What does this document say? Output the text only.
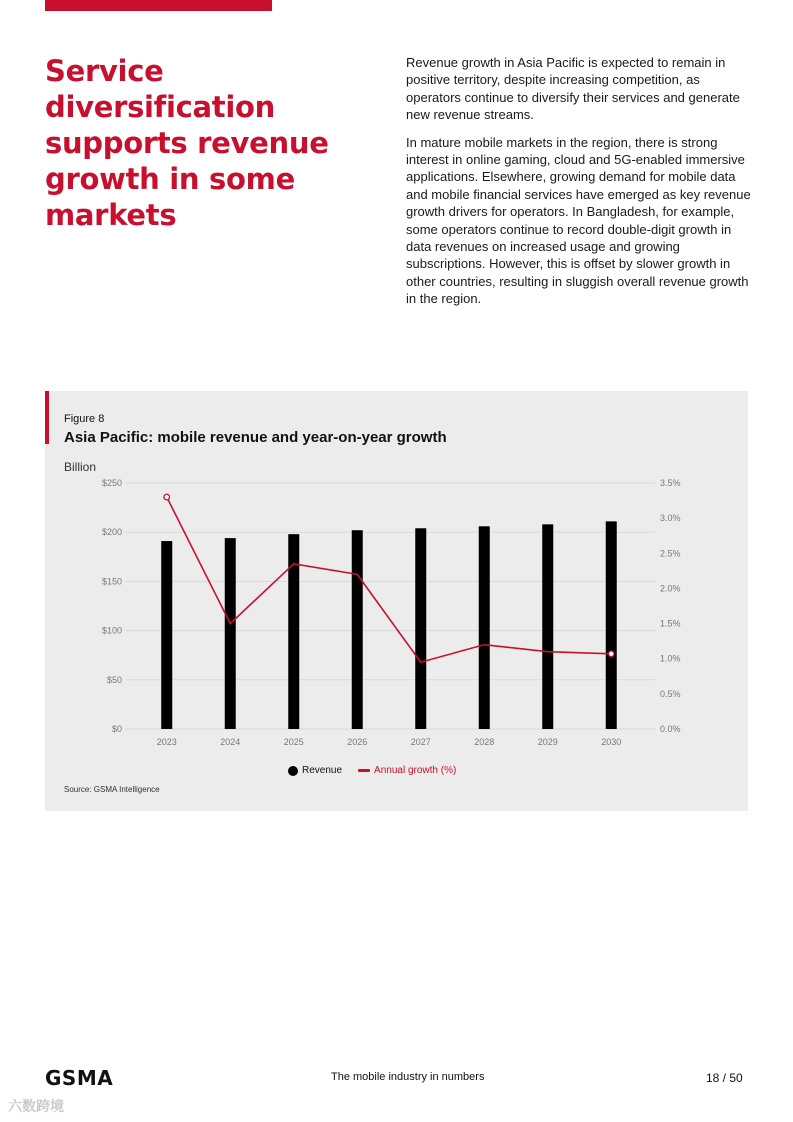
Service diversification supports revenue growth in some markets

Revenue growth in Asia Pacific is expected to remain in positive territory, despite increasing competition, as operators continue to diversify their services and generate new revenue streams.

In mature mobile markets in the region, there is strong interest in online gaming, cloud and 5G-enabled immersive applications. Elsewhere, growing demand for mobile data and mobile financial services have emerged as key revenue growth drivers for operators. In Bangladesh, for example, some operators continue to record double-digit growth in data revenues on increased usage and growing subscriptions. However, this is offset by slower growth in other countries, resulting in sluggish overall revenue growth in the region.

Figure 8
Asia Pacific: mobile revenue and year-on-year growth
Billion
$0
$50
$100
$150
$200
$250
0.0%
0.5%
1.0%
1.5%
2.0%
2.5%
3.0%
3.5%
2023	2024	2025	2026	2027	2028	2029	2030
Revenue	Annual growth (%)
Source: GSMA Intelligence
GSMA	The mobile industry in numbers	18 / 50
六数跨境
